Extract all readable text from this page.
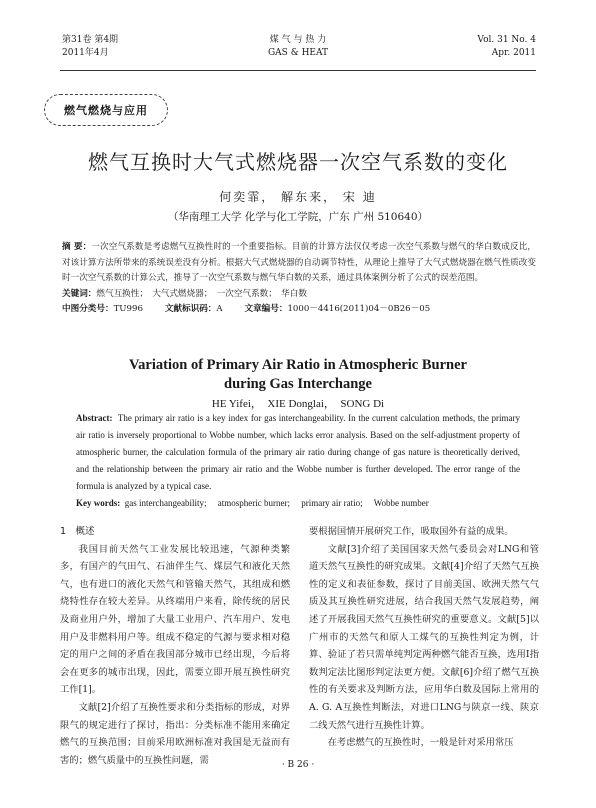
第31卷 第4期
2011年4月
煤 气 与 热 力
GAS & HEAT
Vol. 31 No. 4
Apr. 2011
燃气燃烧与应用
燃气互换时大气式燃烧器一次空气系数的变化
何奕霏， 解东来， 宋 迪
（华南理工大学 化学与化工学院，广东 广州 510640）
摘 要：一次空气系数是考虑燃气互换性时的一个重要指标。目前的计算方法仅仅考虑一次空气系数与燃气的华白数成反比，对该计算方法所带来的系统误差没有分析。根据大气式燃烧器的自动调节特性，从理论上推导了大气式燃烧器在燃气性质改变时一次空气系数的计算公式，推导了一次空气系数与燃气华白数的关系，通过具体案例分析了公式的误差范围。
关键词：燃气互换性；　大气式燃烧器；　一次空气系数；　华白数
中图分类号：TU996	文献标识码：A	文章编号：1000－4416(2011)04－0B26－05
Variation of Primary Air Ratio in Atmospheric Burner
during Gas Interchange
HE Yifei，　XIE Donglai，　SONG Di
Abstract: The primary air ratio is a key index for gas interchangeability. In the current calculation methods, the primary air ratio is inversely proportional to Wobbe number, which lacks error analysis. Based on the self-adjustment property of atmospheric burner, the calculation formula of the primary air ratio during change of gas nature is theoretically derived, and the relationship between the primary air ratio and the Wobbe number is further developed. The error range of the formula is analyzed by a typical case.
Key words: gas interchangeability;　 atmospheric burner;　 primary air ratio;　 Wobbe number

1　概述

我国目前天然气工业发展比较迅速，气源种类繁多，有国产的气田气、石油伴生气、煤层气和液化天然气，也有进口的液化天然气和管输天然气，其组成和燃烧特性存在较大差异。从终端用户来看，除传统的居民及商业用户外，增加了大量工业用户、汽车用户、发电用户及非燃料用户等。组成不稳定的气源与要求相对稳定的用户之间的矛盾在我国部分城市已经出现，今后将会在更多的城市出现，因此，需要立即开展互换性研究工作[1]。

文献[2]介绍了互换性要求和分类指标的形成，对界限气的规定进行了探讨，指出：分类标准不能用来确定燃气的互换范围；目前采用欧洲标准对我国是无益而有害的；燃气质量中的互换性问题，需

要根据国情开展研究工作，吸取国外有益的成果。

文献[3]介绍了美国国家天然气委员会对LNG和管道天然气互换性的研究成果。文献[4]介绍了天然气互换性的定义和表征参数，探讨了目前美国、欧洲天然气气质及其互换性研究进展，结合我国天然气发展趋势，阐述了开展我国天然气互换性研究的重要意义。文献[5]以广州市的天然气和原人工煤气的互换性判定为例，计算、验证了若只需单纯判定两种燃气能否互换，选用I指数判定法比图形判定法更方便。文献[6]介绍了燃气互换性的有关要求及判断方法，应用华白数及国际上常用的A. G. A互换性判断法，对进口LNG与陕京一线、陕京二线天然气进行互换性计算。

在考虑燃气的互换性时，一般是针对采用常压

· B 26 ·
